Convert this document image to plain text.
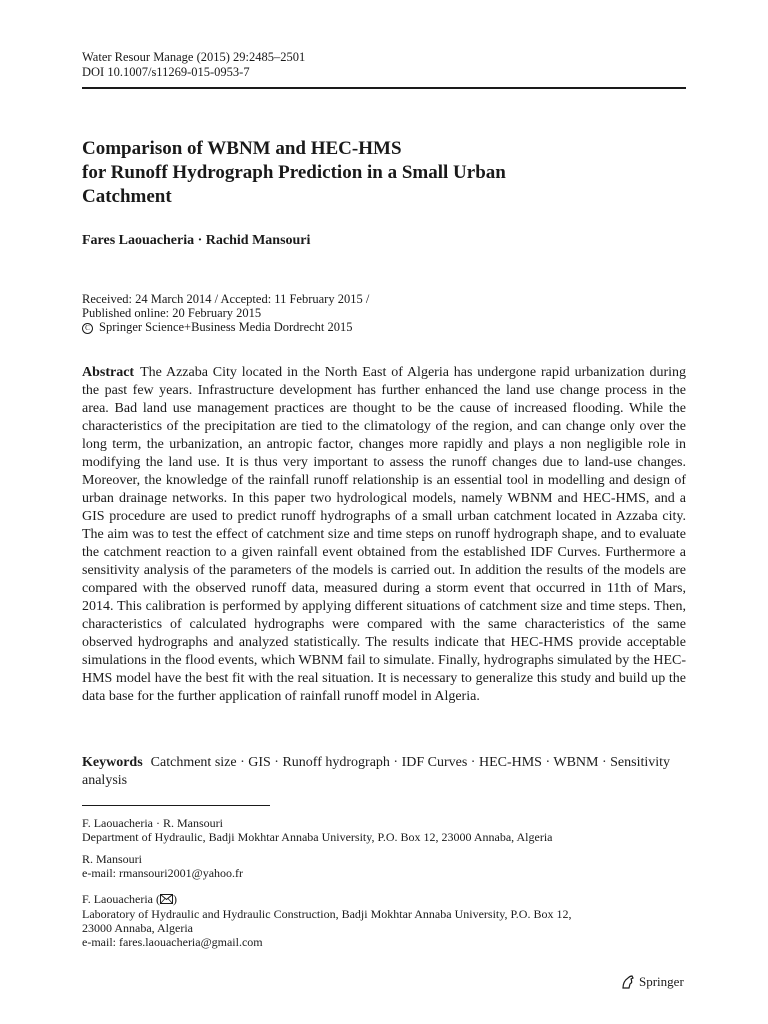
Water Resour Manage (2015) 29:2485–2501
DOI 10.1007/s11269-015-0953-7
Comparison of WBNM and HEC-HMS
for Runoff Hydrograph Prediction in a Small Urban
Catchment
Fares Laouacheria · Rachid Mansouri
Received: 24 March 2014 / Accepted: 11 February 2015 /
Published online: 20 February 2015
C Springer Science+Business Media Dordrecht 2015
Abstract The Azzaba City located in the North East of Algeria has undergone rapid urbanization during the past few years. Infrastructure development has further enhanced the land use change process in the area. Bad land use management practices are thought to be the cause of increased flooding. While the characteristics of the precipitation are tied to the climatology of the region, and can change only over the long term, the urbanization, an antropic factor, changes more rapidly and plays a non negligible role in modifying the land use. It is thus very important to assess the runoff changes due to land-use changes. Moreover, the knowledge of the rainfall runoff relationship is an essential tool in modelling and design of urban drainage networks. In this paper two hydrological models, namely WBNM and HEC-HMS, and a GIS procedure are used to predict runoff hydrographs of a small urban catchment located in Azzaba city. The aim was to test the effect of catchment size and time steps on runoff hydrograph shape, and to evaluate the catchment reaction to a given rainfall event obtained from the established IDF Curves. Furthermore a sensitivity analysis of the parameters of the models is carried out. In addition the results of the models are compared with the observed runoff data, measured during a storm event that occurred in 11th of Mars, 2014. This calibration is performed by applying different situations of catchment size and time steps. Then, characteristics of calculated hydrographs were compared with the same characteristics of the same observed hydrographs and analyzed statistically. The results indicate that HEC-HMS provide acceptable simulations in the flood events, which WBNM fail to simulate. Finally, hydrographs simulated by the HEC-HMS model have the best fit with the real situation. It is necessary to generalize this study and build up the data base for the further application of rainfall runoff model in Algeria.
Keywords Catchment size · GIS · Runoff hydrograph · IDF Curves · HEC-HMS · WBNM · Sensitivity analysis
F. Laouacheria · R. Mansouri
Department of Hydraulic, Badji Mokhtar Annaba University, P.O. Box 12, 23000 Annaba, Algeria
R. Mansouri
e-mail: rmansouri2001@yahoo.fr
F. Laouacheria ( )
Laboratory of Hydraulic and Hydraulic Construction, Badji Mokhtar Annaba University, P.O. Box 12,
23000 Annaba, Algeria
e-mail: fares.laouacheria@gmail.com
Springer
